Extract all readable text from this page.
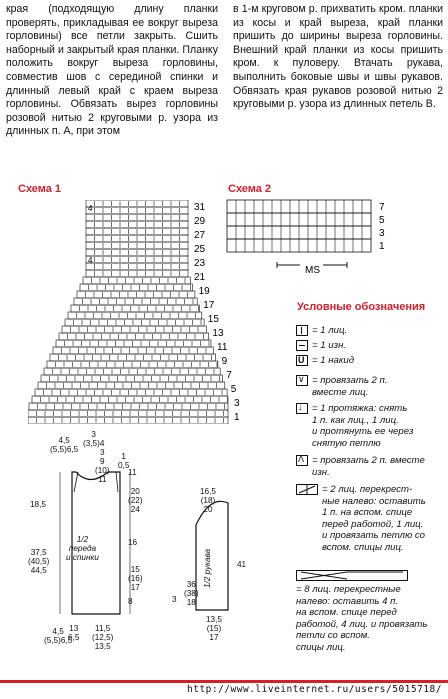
края (подходящую длину планки проверять, прикладывая ее вокруг выреза горловины) все петли закрыть. Сшить наборный и закрытый края планки. Планку положить вокруг выреза горловины, совместив шов с серединой спинки и длинный левый край с краем выреза горловины. Обвязать вырез горловины розовой нитью 2 круговыми р. узора из длинных п. А, при этом
в 1-м круговом р. прихватить кром. планки из косы и край выреза, край планки пришить до ширины выреза горловины. Внешний край планки из косы пришить кром. к пуловеру. Втачать рукава, выполнить боковые швы и швы рукавов. Обвязать края рукавов розовой нитью 2 круговыми р. узора из длинных петель В.
Схема 1	Схема 2
31
29
27
25
23
21
19
17
15
13
11
9
7
5
3
1
4
4
7
5
3
1
MS
Условные обозначения
= 1 лиц.
= 1 изн.
U = 1 накид
∨ = провязать 2 п.
вместе лиц.
↓ = 1 протяжка: снять
1 п. как лиц., 1 лиц.
и протянуть ее через
снятую петлю
Λ = провязать 2 п. вместе
изн.
= 2 лиц. перекрест-
ные налево: оставить
1 п. на вспом. спице
перед работой, 1 лиц.
и провязать петлю со
вспом. спицы лиц.
= 8 лиц. перекрестные
налево: оставить 4 п.
на вспом. спице перед
работой, 4 лиц. и провязать петли со вспом.
спицы лиц.
1/2
переда
и спинки
4,5
(5,5)6,5
3
(3,5)4
3
9
(10)
11
1
0,5
18,5
37,5
(40,5)
44,5
11
20
(22)
24
16
15
(16)
17
8
4,5
(5,5)6,5
13
6,5
11,5
(12,5)
13,5
1/2 рукава
16,5
(18)
20
3
36
(38)
18
41
13,5
(15)
17
http://www.liveinternet.ru/users/5015718/
